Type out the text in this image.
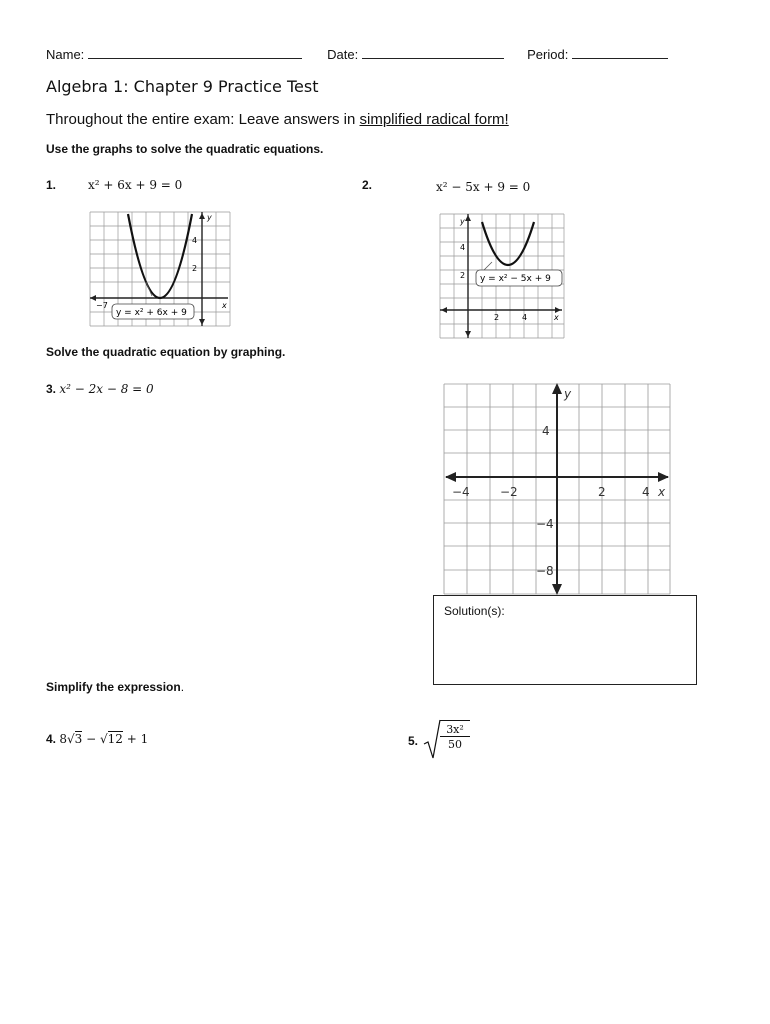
Name:	Date:	Period:
Algebra 1: Chapter 9 Practice Test
Throughout the entire exam: Leave answers in simplified radical form!
Use the graphs to solve the quadratic equations.
1.	x² + 6x + 9 = 0
y = x² + 6x + 9
−7
4
2
y
x
2.	x² − 5x + 9 = 0
y = x² − 5x + 9
y
4
2
2	4	x
Solve the quadratic equation by graphing.
3. x² − 2x − 8 = 0	y
x
−4	−2	2	4
4
−4
−8
Solution(s):
Simplify the expression.
4. 8√3 − √12 + 1	5. $\frac{\text{3x²}}{50}$
